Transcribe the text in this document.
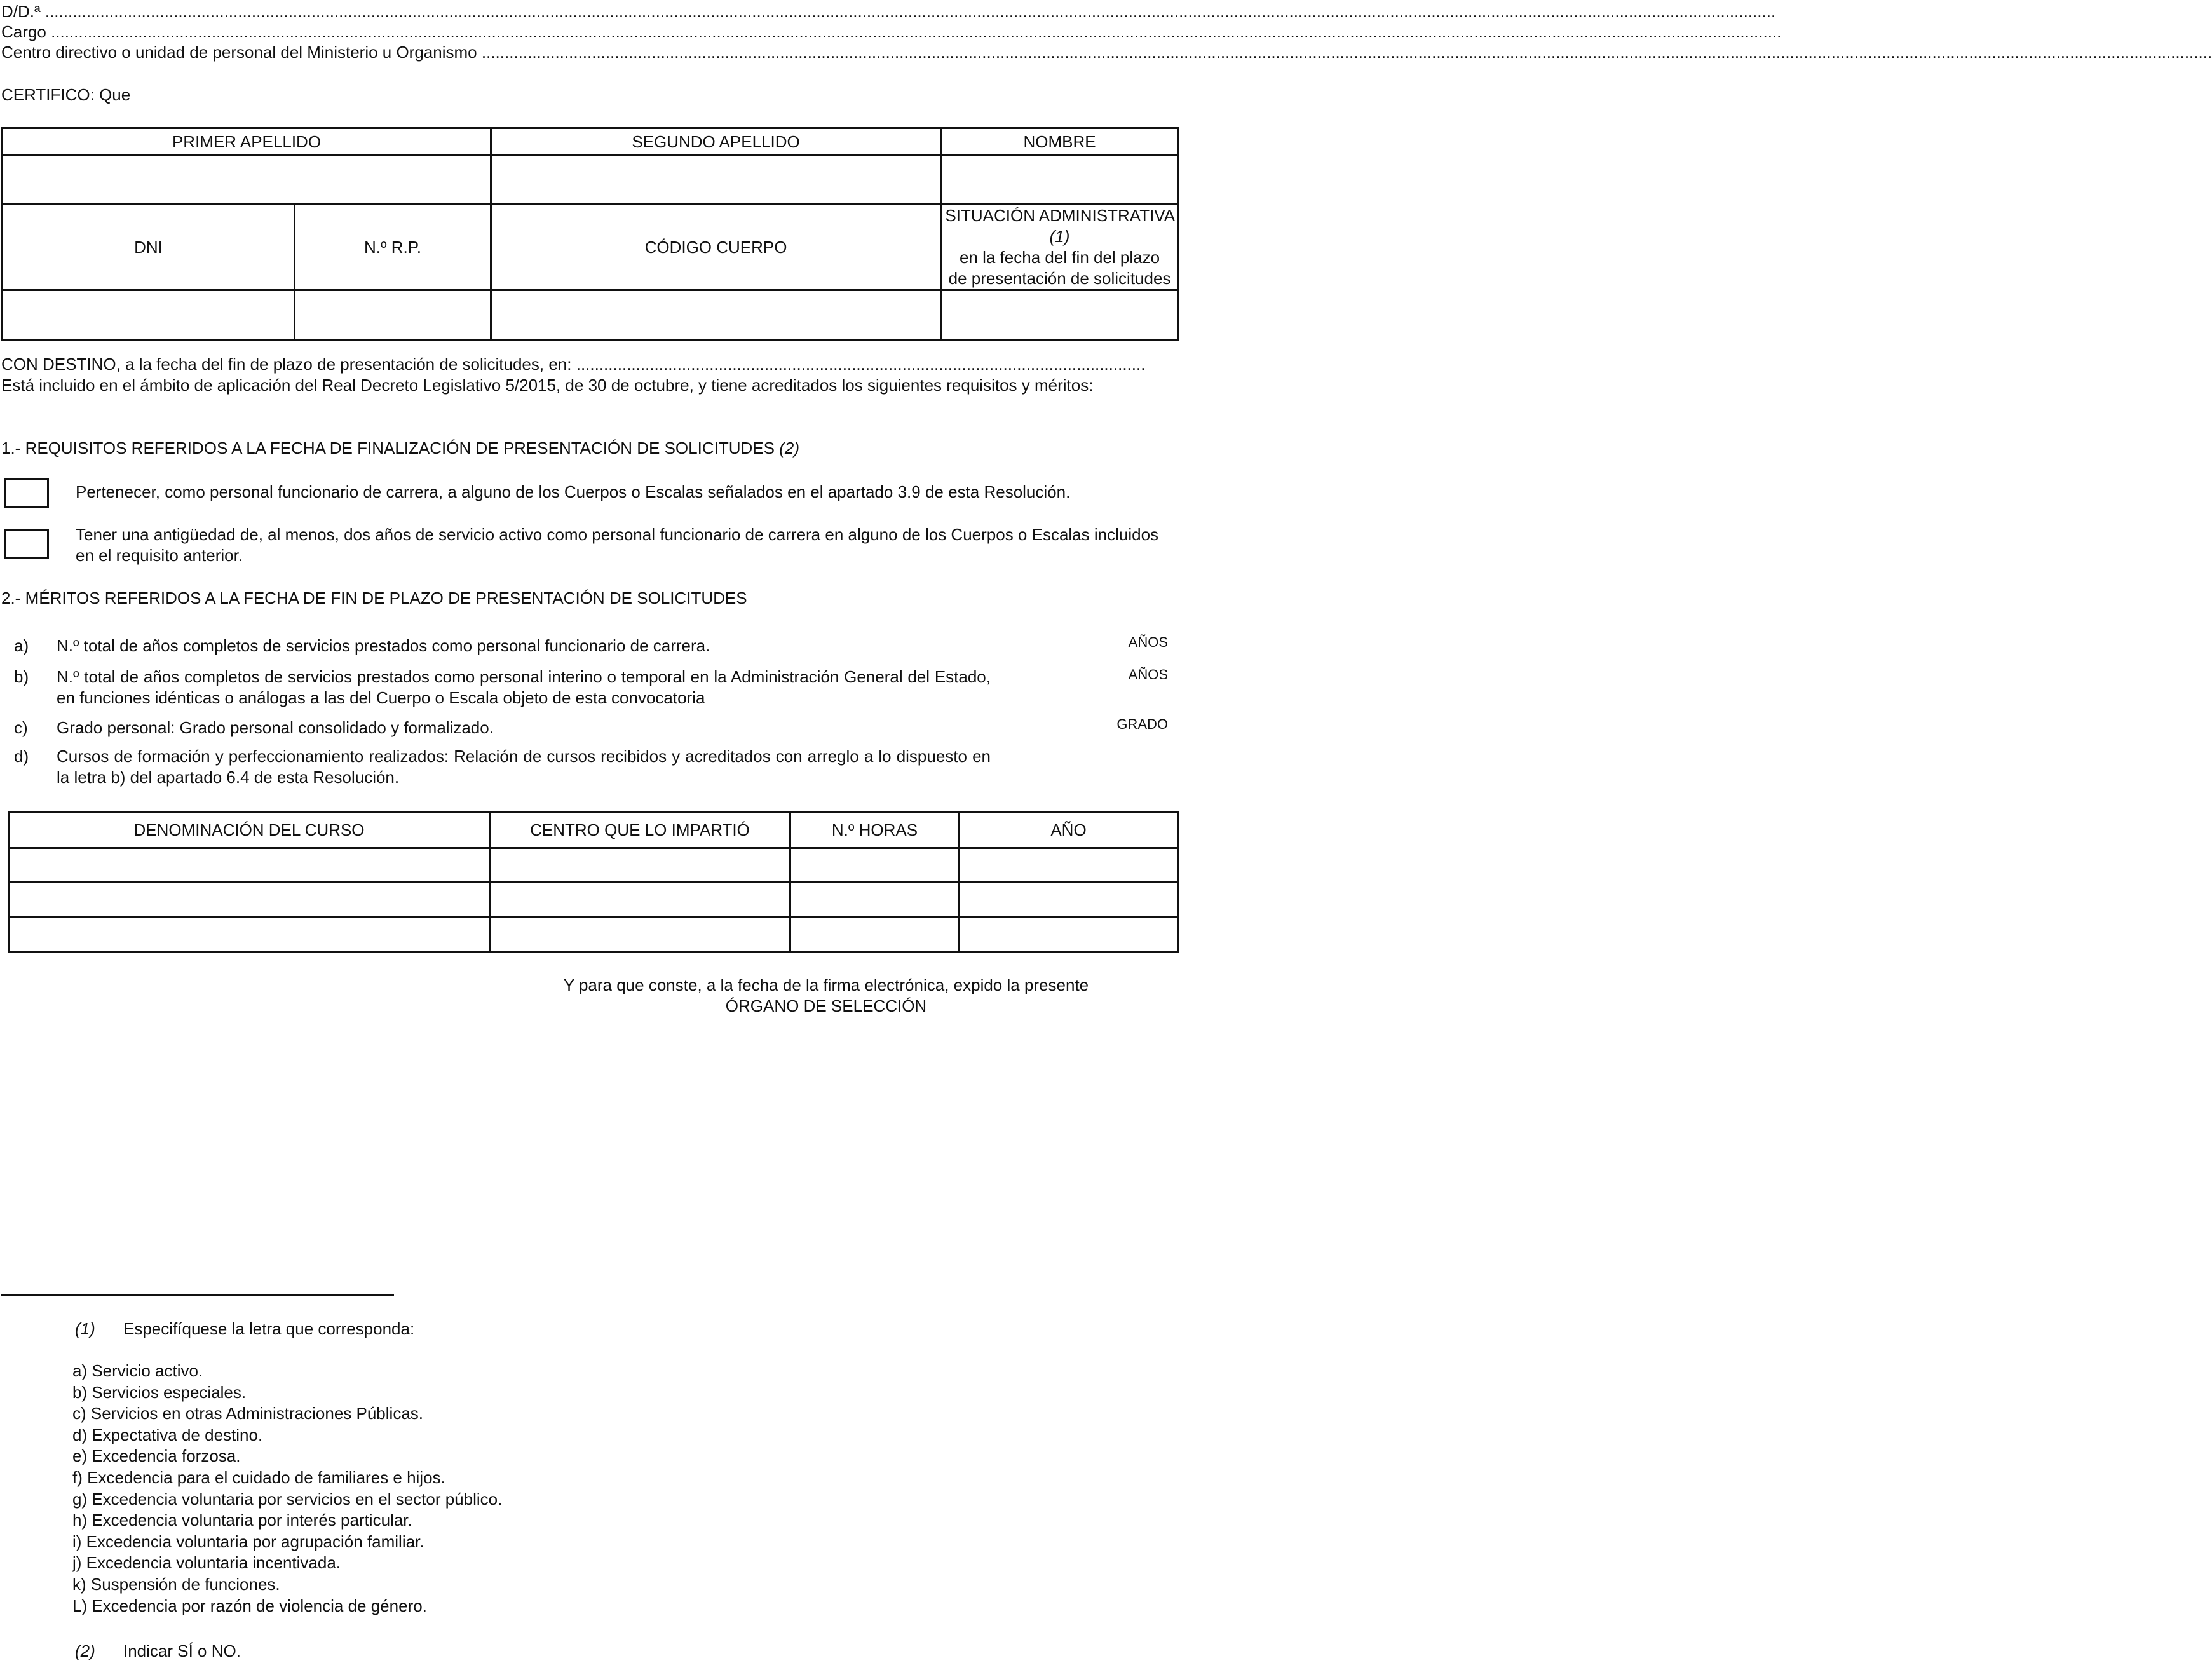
D/D.ª .........................................................................................................................................................................................................................................................................................................................................................................................
Cargo .........................................................................................................................................................................................................................................................................................................................................................................................
Centro directivo o unidad de personal del Ministerio u Organismo .........................................................................................................................................................................................................................................................................................................................................................................................
CERTIFICO: Que
PRIMER APELLIDO		SEGUNDO APELLIDO	NOMBRE

DNI	N.º R.P.	CÓDIGO CUERPO	SITUACIÓN ADMINISTRATIVA (1)
en la fecha del fin del plazo
de presentación de solicitudes

CON DESTINO, a la fecha del fin de plazo de presentación de solicitudes, en: ............................................................................................................................
Está incluido en el ámbito de aplicación del Real Decreto Legislativo 5/2015, de 30 de octubre, y tiene acreditados los siguientes requisitos y méritos:
1.- REQUISITOS REFERIDOS A LA FECHA DE FINALIZACIÓN DE PRESENTACIÓN DE SOLICITUDES (2)
Pertenecer, como personal funcionario de carrera, a alguno de los Cuerpos o Escalas señalados en el apartado 3.9 de esta Resolución.
Tener una antigüedad de, al menos, dos años de servicio activo como personal funcionario de carrera en alguno de los Cuerpos o Escalas incluidos en el requisito anterior.
2.- MÉRITOS REFERIDOS A LA FECHA DE FIN DE PLAZO DE PRESENTACIÓN DE SOLICITUDES
a) N.º total de años completos de servicios prestados como personal funcionario de carrera.	AÑOS
b) N.º total de años completos de servicios prestados como personal interino o temporal en la Administración General del Estado, en funciones idénticas o análogas a las del Cuerpo o Escala objeto de esta convocatoria
AÑOS
c) Grado personal: Grado personal consolidado y formalizado.	GRADO
d) Cursos de formación y perfeccionamiento realizados: Relación de cursos recibidos y acreditados con arreglo a lo dispuesto en la letra b) del apartado 6.4 de esta Resolución.
DENOMINACIÓN DEL CURSO	CENTRO QUE LO IMPARTIÓ	N.º HORAS	AÑO

Y para que conste, a la fecha de la firma electrónica, expido la presente
ÓRGANO DE SELECCIÓN
(1) Especifíquese la letra que corresponda:
a) Servicio activo.
b) Servicios especiales.
c) Servicios en otras Administraciones Públicas.
d) Expectativa de destino.
e) Excedencia forzosa.
f) Excedencia para el cuidado de familiares e hijos.
g) Excedencia voluntaria por servicios en el sector público.
h) Excedencia voluntaria por interés particular.
i) Excedencia voluntaria por agrupación familiar.
j) Excedencia voluntaria incentivada.
k) Suspensión de funciones.
L) Excedencia por razón de violencia de género.
(2) Indicar SÍ o NO.
